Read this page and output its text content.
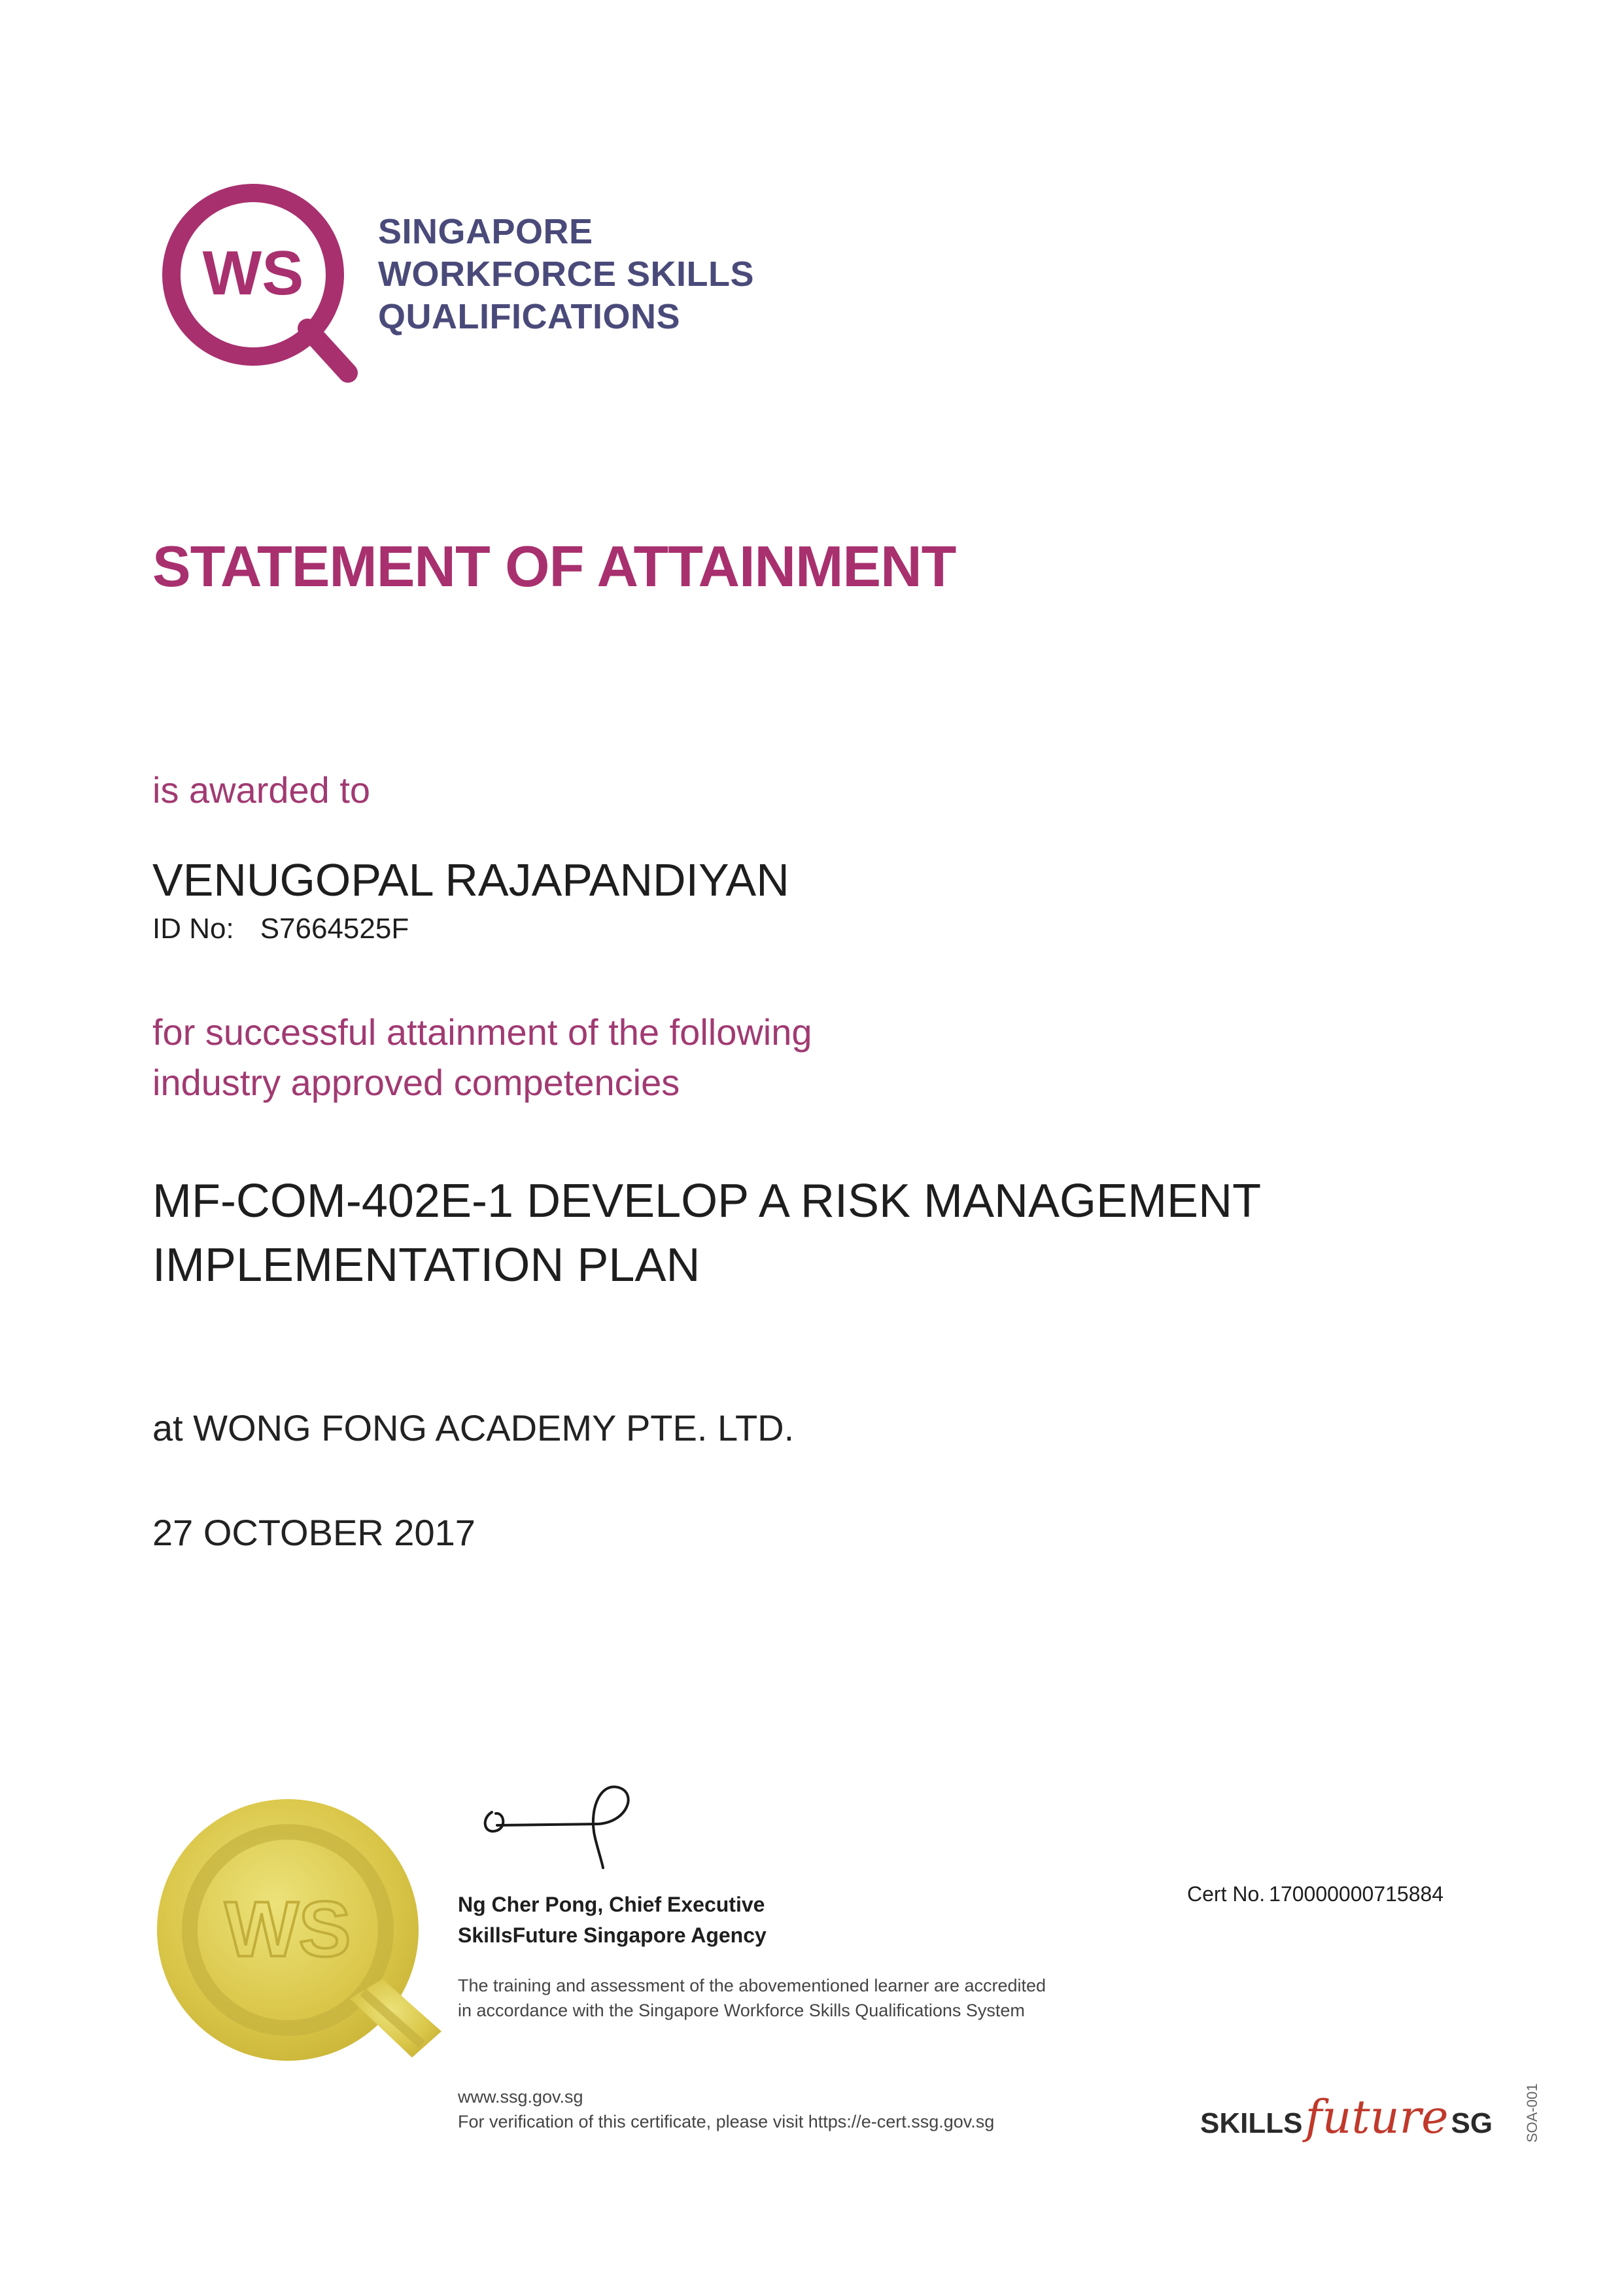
WS
SINGAPORE
WORKFORCE SKILLS
QUALIFICATIONS
STATEMENT OF ATTAINMENT
is awarded to
VENUGOPAL RAJAPANDIYAN
ID No: S7664525F
for successful attainment of the following
industry approved competencies
MF-COM-402E-1 DEVELOP A RISK MANAGEMENT
IMPLEMENTATION PLAN
at WONG FONG ACADEMY PTE. LTD.
27 OCTOBER 2017
WS	Ng Cher Pong, Chief Executive
SkillsFuture Singapore Agency
The training and assessment of the abovementioned learner are accredited
in accordance with the Singapore Workforce Skills Qualifications System
www.ssg.gov.sg
For verification of this certificate, please visit https://e-cert.ssg.gov.sg
Cert No. 170000000715884
SKILLSfutureSG SOA-001
